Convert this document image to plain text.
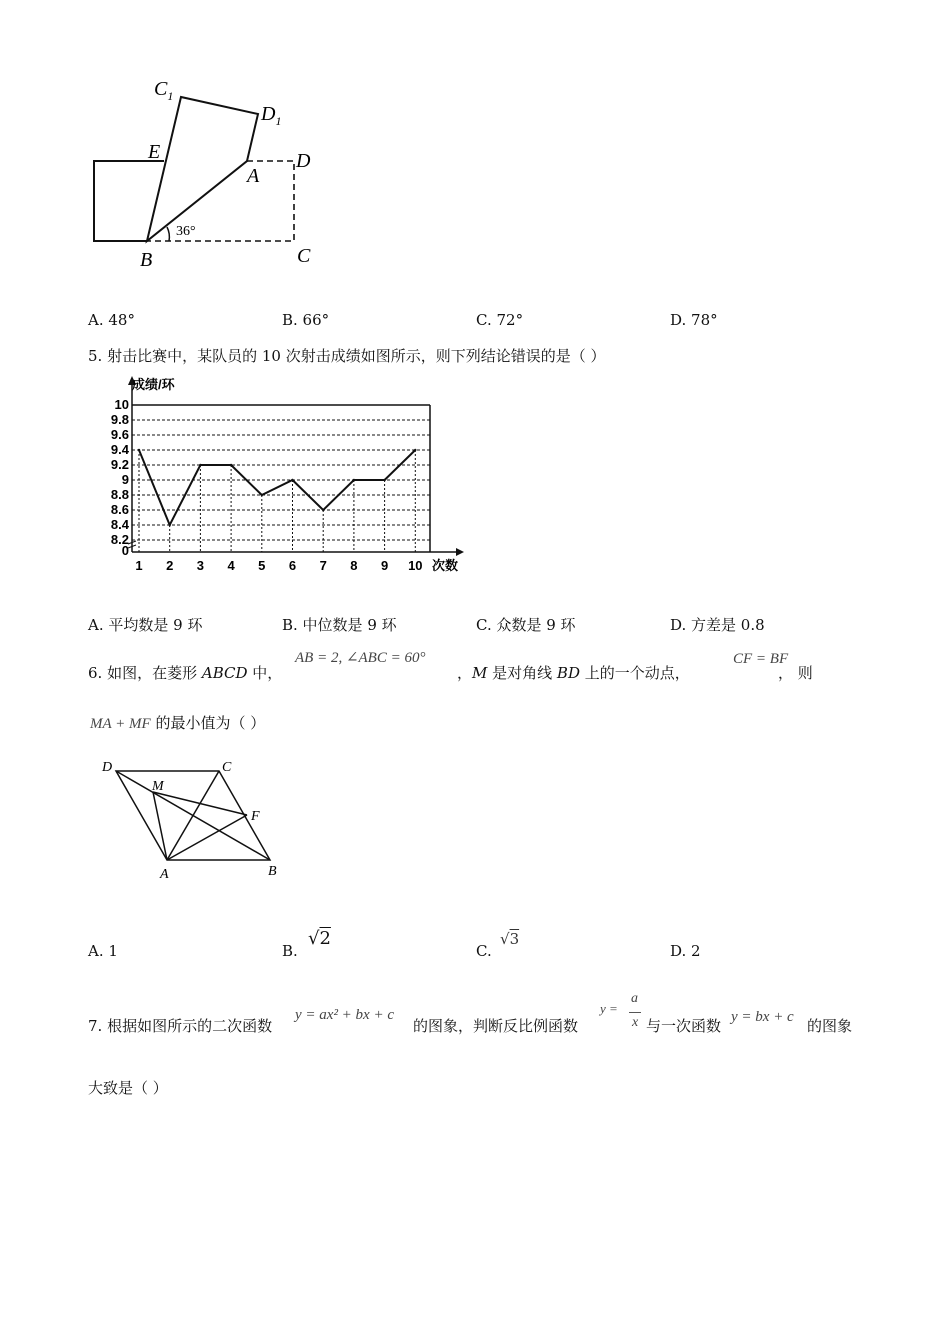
$C_1$
$D_1$
E
A
D
B	C
36°
A. 48°	B. 66°	C. 72°	D. 78°
5. 射击比赛中，某队员的 10 次射击成绩如图所示，则下列结论错误的是（ ）
10
9.8
9.6
9.4
9.2
9
8.8
8.6
8.4
8.2
0
1 2 3 4 5 6 7 8 9 10
成绩/环
次数
A. 平均数是 9 环	B. 中位数是 9 环	C. 众数是 9 环	D. 方差是 0.8
6. 如图，在菱形 ABCD 中，
AB = 2, ∠ABC = 60°
，M 是对角线 BD 上的一个动点，
CF = BF
， 则
MA + MF 的最小值为（ ）
D	C
M
F
A	B
A. 1	B.
√2
C.
√3
D. 2
7. 根据如图所示的二次函数
y = ax² + bx + c
的图象，判断反比例函数
y =
a
x 与一次函数 y = bx + c 的图象
大致是（ ）
